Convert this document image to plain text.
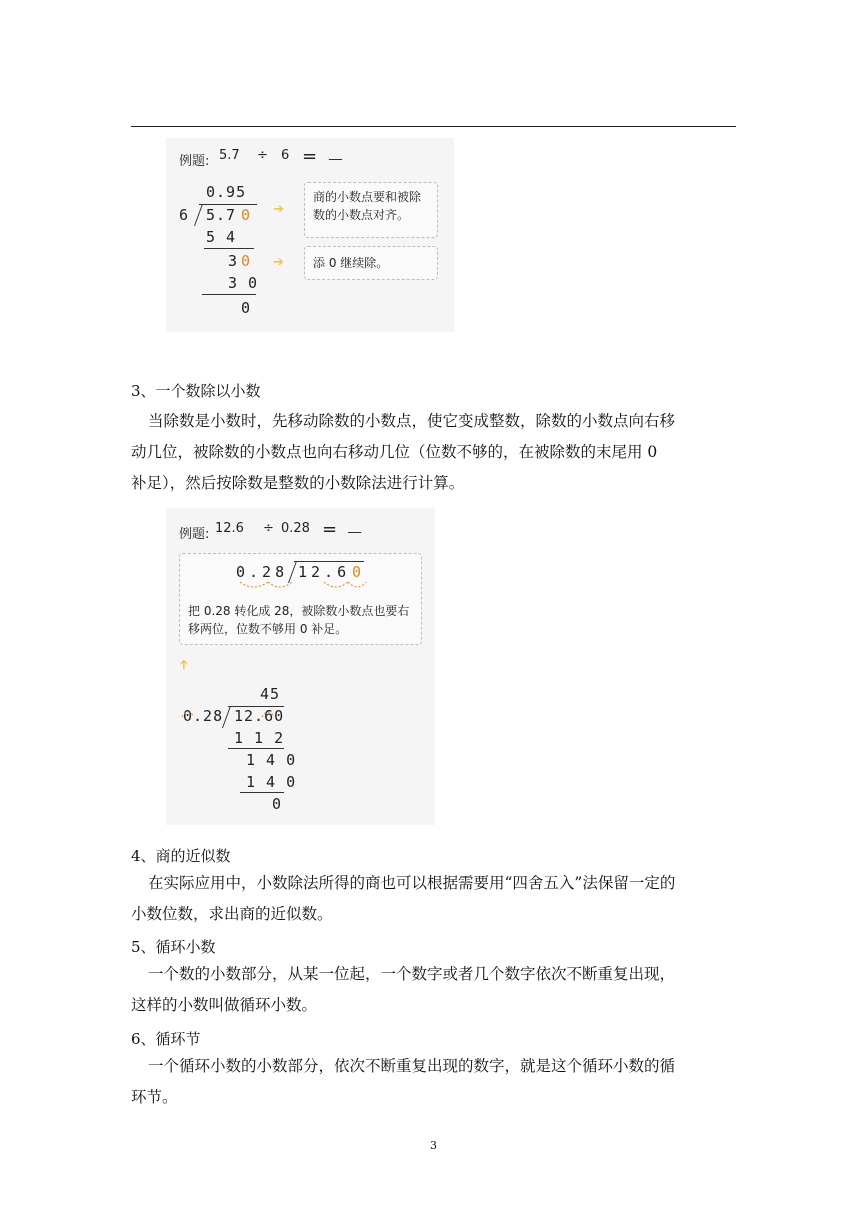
例题: 5.7 ÷ 6 = __
0.95
6 5.7 0
5 4
3 0
3 0
0
➔
➔
商的小数点要和被除数的小数点对齐。
添 0 继续除。
3、一个数除以小数
当除数是小数时，先移动除数的小数点，使它变成整数，除数的小数点向右移
动几位，被除数的小数点也向右移动几位（位数不够的，在被除数的末尾用 0
补足），然后按除数是整数的小数除法进行计算。
例题: 12.6 ÷ 0.28 = __
0.28 12.6 0
把 0.28 转化成 28，被除数小数点也要右移两位，位数不够用 0 补足。
➔
45
0.28 12.60
1 1 2
1 4 0
1 4 0
0
4、商的近似数
在实际应用中，小数除法所得的商也可以根据需要用“四舍五入”法保留一定的
小数位数，求出商的近似数。
5、循环小数
一个数的小数部分，从某一位起，一个数字或者几个数字依次不断重复出现，
这样的小数叫做循环小数。
6、循环节
一个循环小数的小数部分，依次不断重复出现的数字，就是这个循环小数的循
环节。
3
